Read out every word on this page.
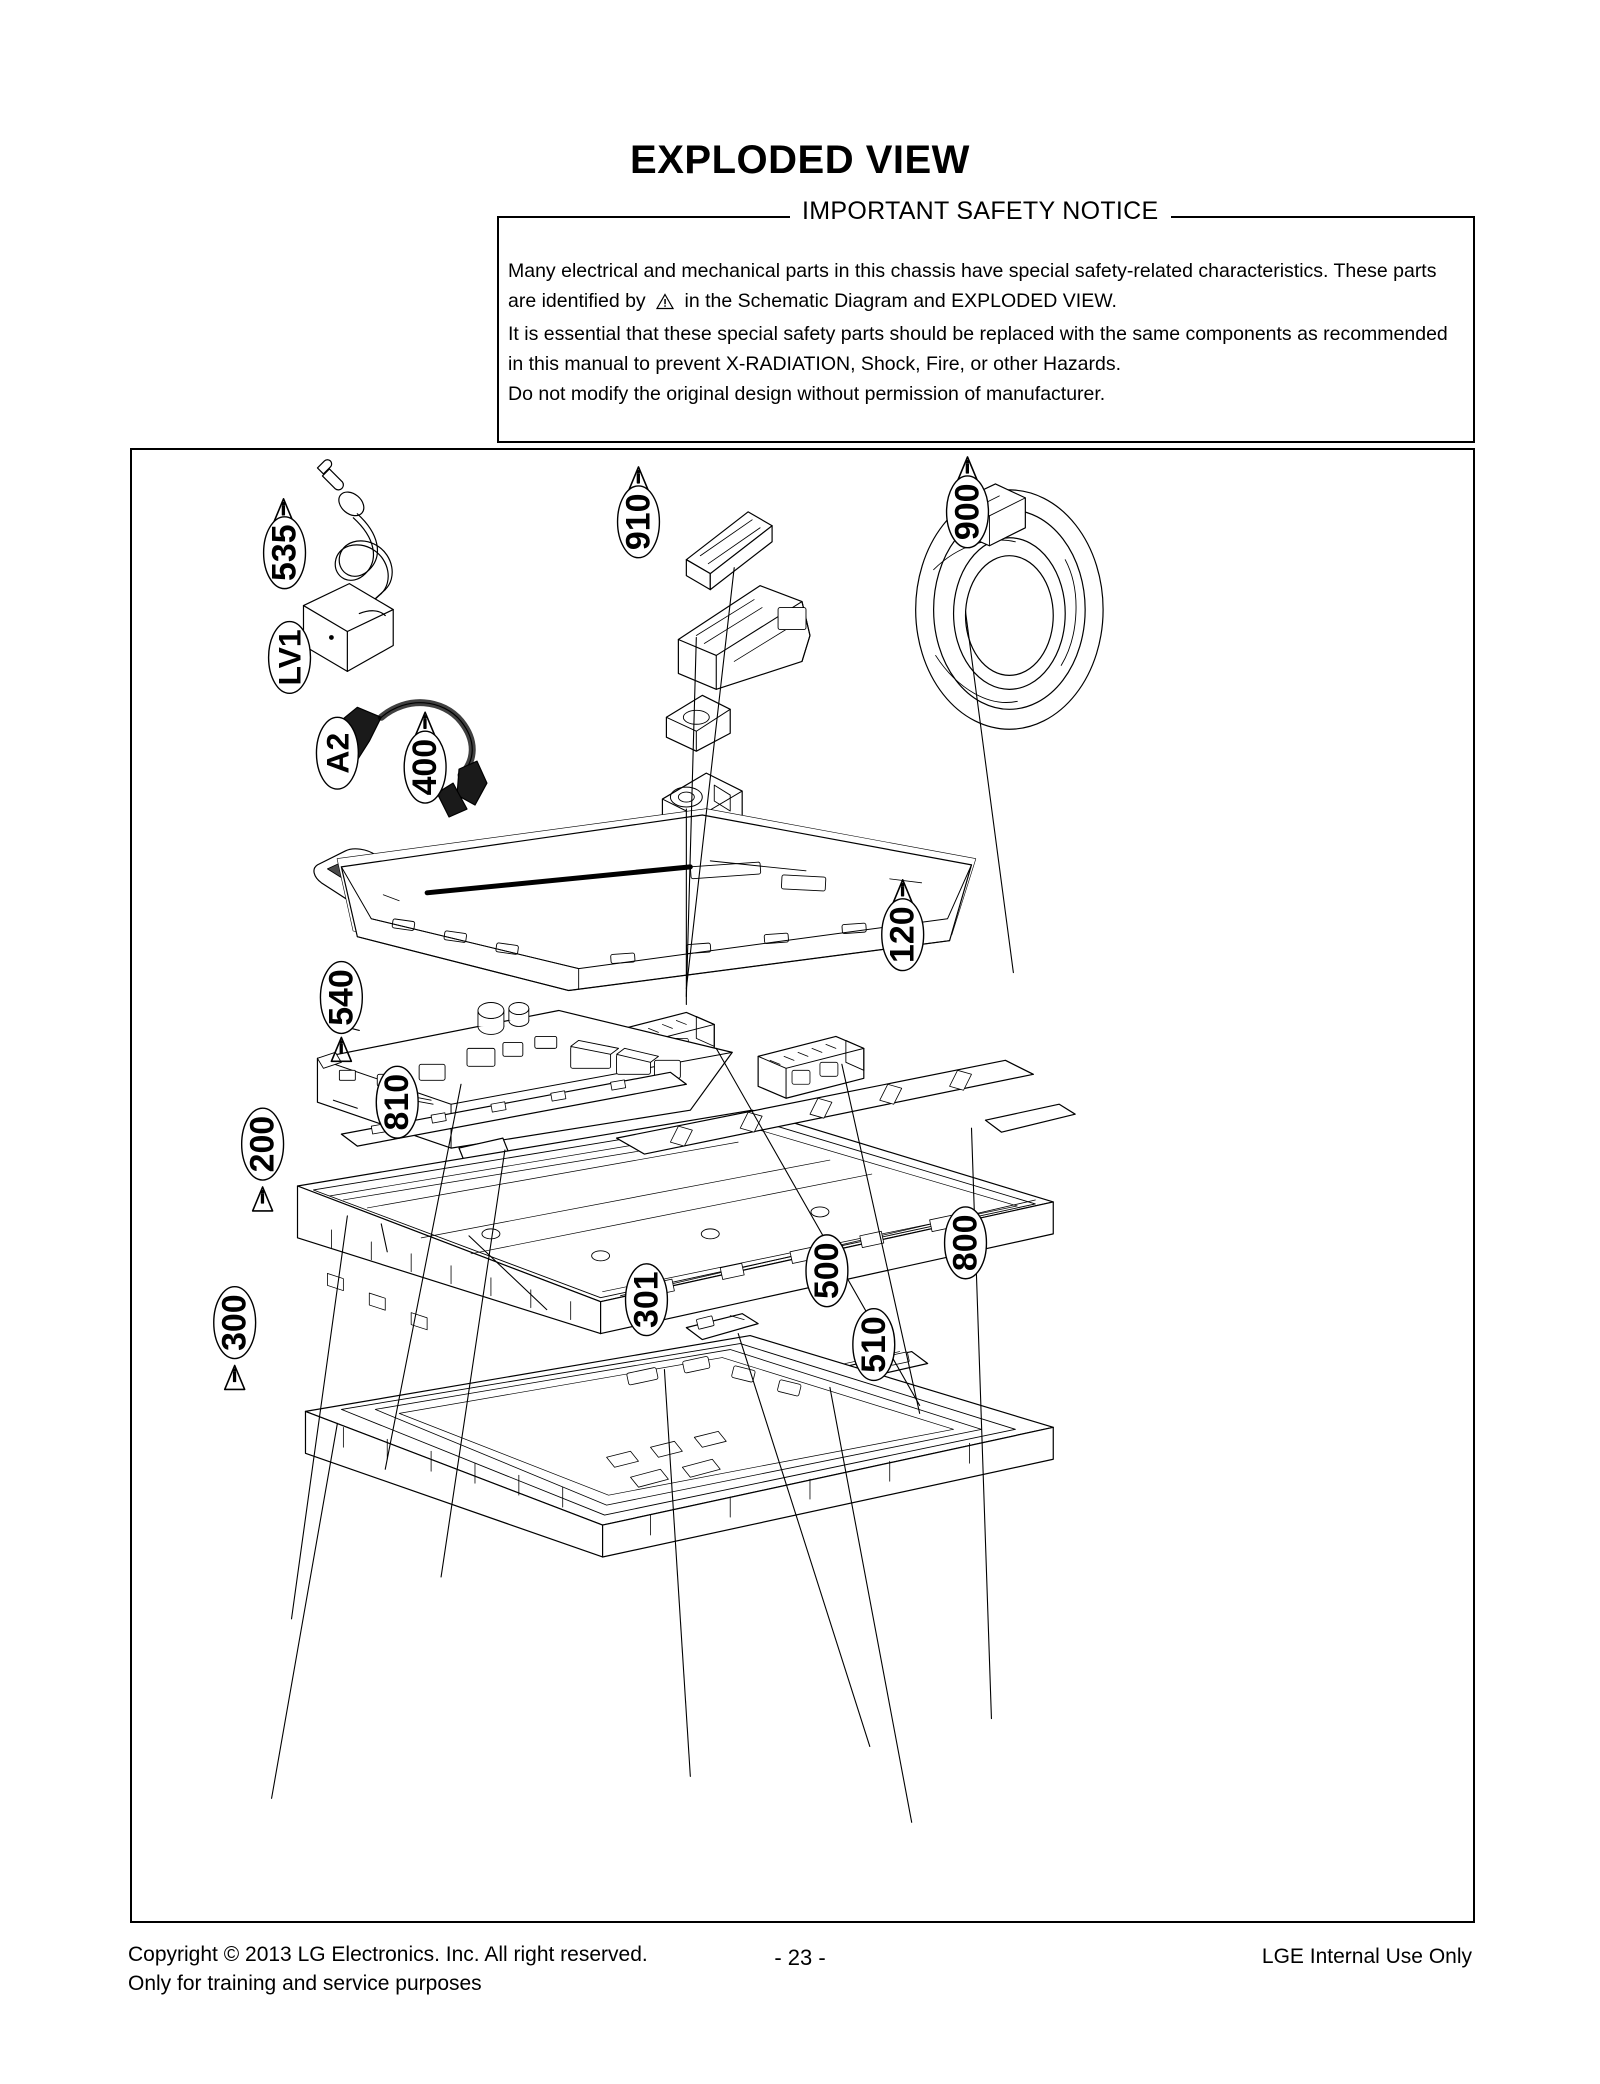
EXPLODED VIEW
IMPORTANT SAFETY NOTICE

Many electrical and mechanical parts in this chassis have special safety-related characteristics. These parts

are identified by in the Schematic Diagram and EXPLODED VIEW.

It is essential that these special safety parts should be replaced with the same components as recommended

in this manual to prevent X-RADIATION, Shock, Fire, or other Hazards.

Do not modify the original design without permission of manufacturer.

535
LV1
A2 400
910	900
120
540
810
200
800
500
301
510
300
Copyright © 2013 LG Electronics. Inc. All right reserved.
Only for training and service purposes
- 23 -	LGE Internal Use Only
